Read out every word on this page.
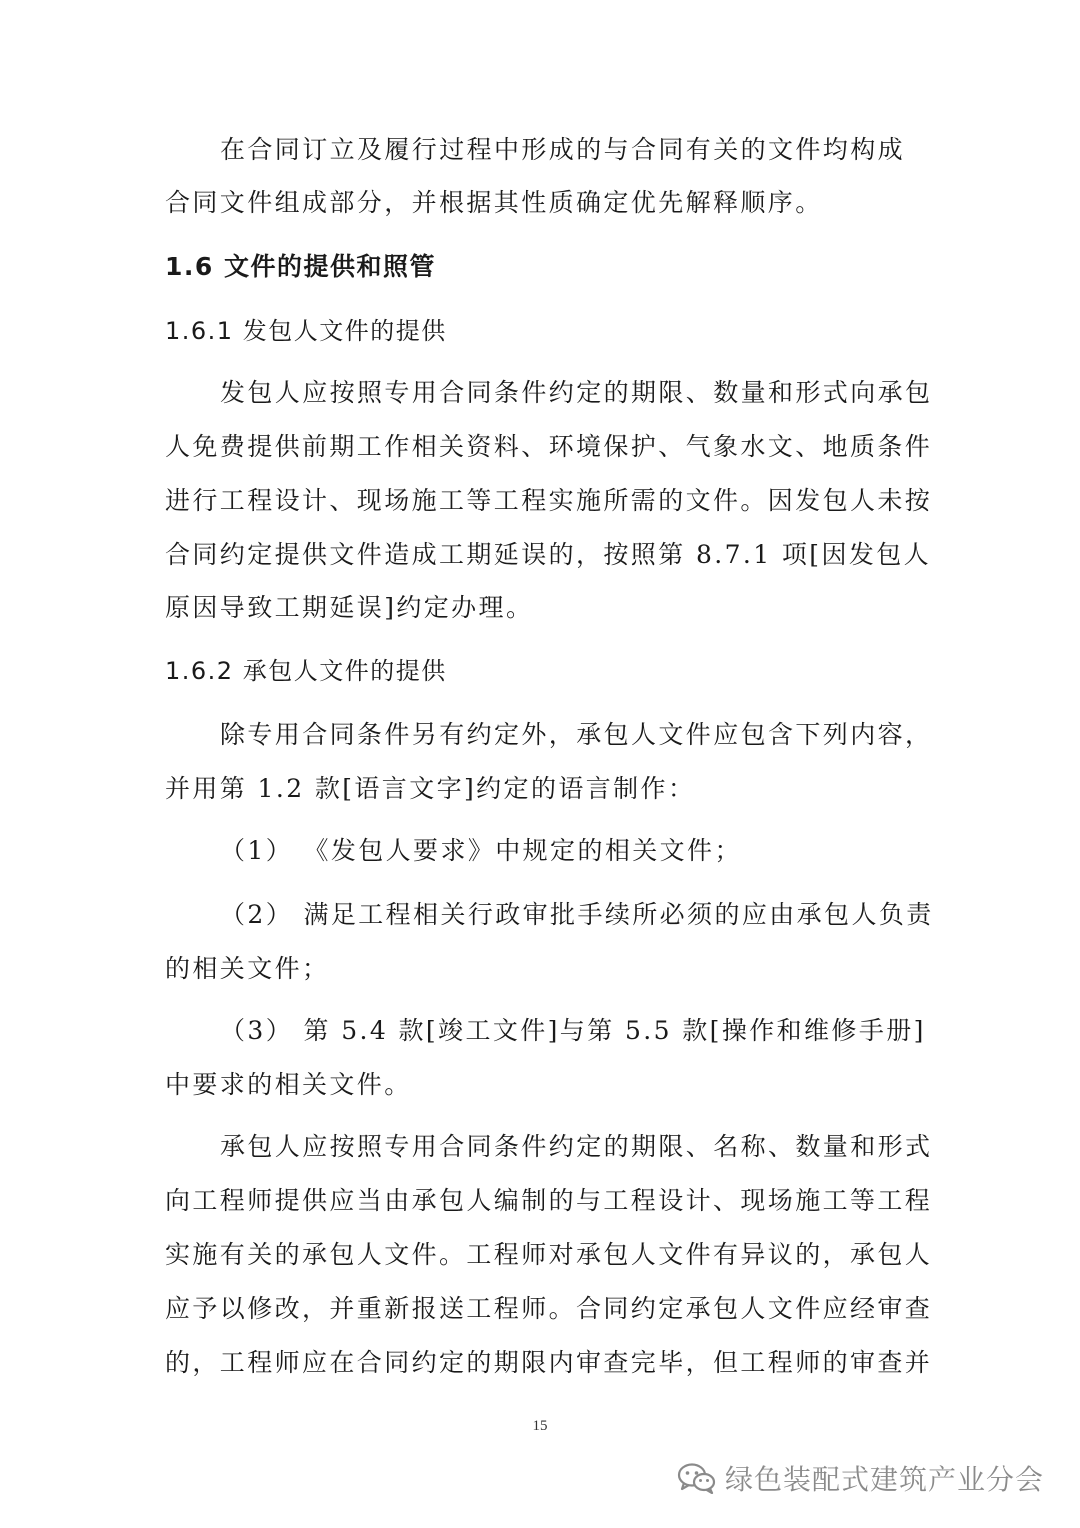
在合同订立及履行过程中形成的与合同有关的文件均构成
合同文件组成部分，并根据其性质确定优先解释顺序。
1.6 文件的提供和照管
1.6.1 发包人文件的提供
发包人应按照专用合同条件约定的期限、数量和形式向承包
人免费提供前期工作相关资料、环境保护、气象水文、地质条件
进行工程设计、现场施工等工程实施所需的文件。因发包人未按
合同约定提供文件造成工期延误的，按照第 8.7.1 项[因发包人
原因导致工期延误]约定办理。
1.6.2 承包人文件的提供
除专用合同条件另有约定外，承包人文件应包含下列内容，
并用第 1.2 款[语言文字]约定的语言制作：
（1） 《发包人要求》中规定的相关文件；
（2） 满足工程相关行政审批手续所必须的应由承包人负责
的相关文件；
（3） 第 5.4 款[竣工文件]与第 5.5 款[操作和维修手册]
中要求的相关文件。
承包人应按照专用合同条件约定的期限、名称、数量和形式
向工程师提供应当由承包人编制的与工程设计、现场施工等工程
实施有关的承包人文件。工程师对承包人文件有异议的，承包人
应予以修改，并重新报送工程师。合同约定承包人文件应经审查
的，工程师应在合同约定的期限内审查完毕，但工程师的审查并
15
绿色装配式建筑产业分会
